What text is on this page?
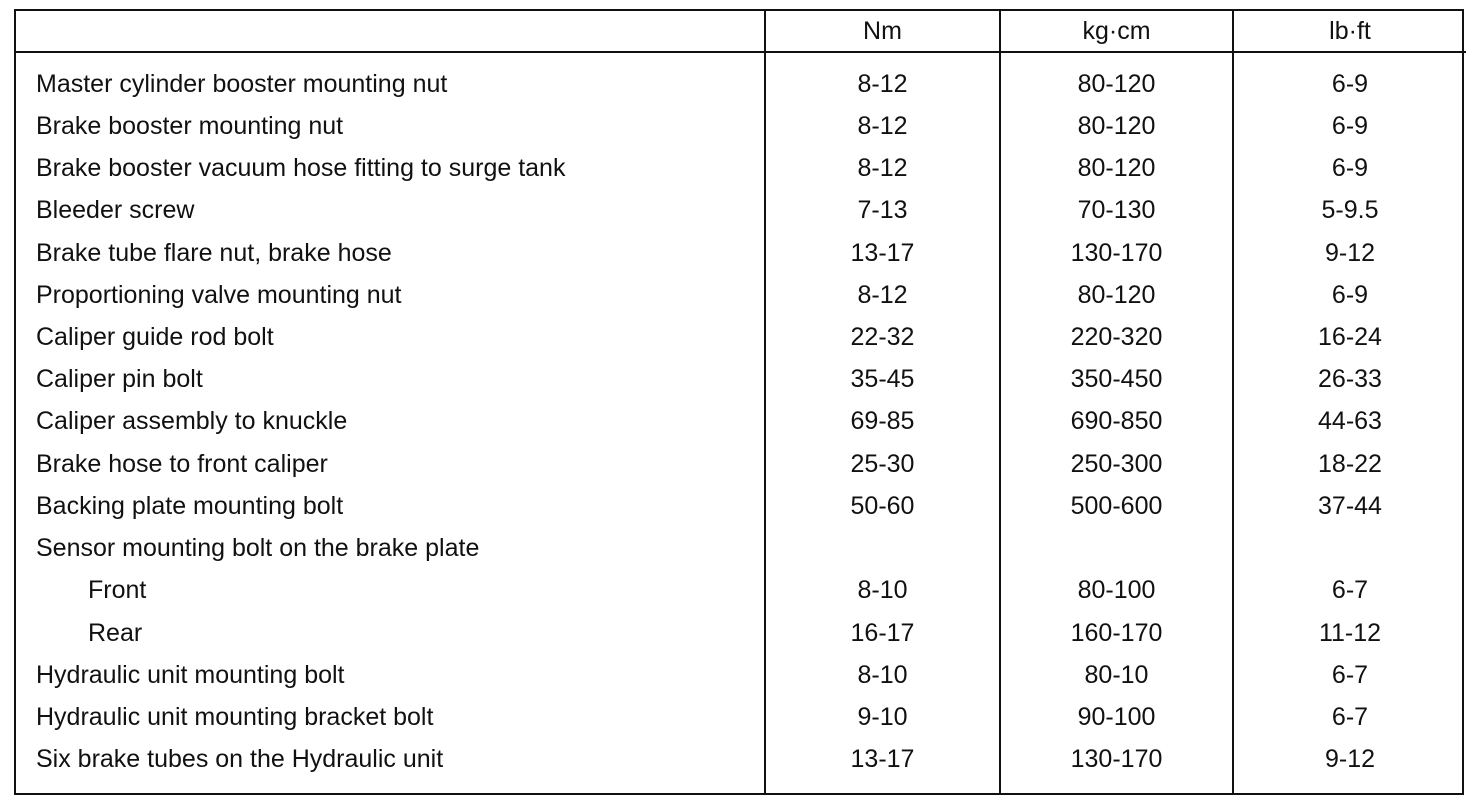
	Nm	kg·cm	lb·ft
Master cylinder booster mounting nut	8-12	80-120	6-9
Brake booster mounting nut	8-12	80-120	6-9
Brake booster vacuum hose fitting to surge tank	8-12	80-120	6-9
Bleeder screw	7-13	70-130	5-9.5
Brake tube flare nut, brake hose	13-17	130-170	9-12
Proportioning valve mounting nut	8-12	80-120	6-9
Caliper guide rod bolt	22-32	220-320	16-24
Caliper pin bolt	35-45	350-450	26-33
Caliper assembly to knuckle	69-85	690-850	44-63
Brake hose to front caliper	25-30	250-300	18-22
Backing plate mounting bolt	50-60	500-600	37-44
Sensor mounting bolt on the brake plate			
Front	8-10	80-100	6-7
Rear	16-17	160-170	11-12
Hydraulic unit mounting bolt	8-10	80-10	6-7
Hydraulic unit mounting bracket bolt	9-10	90-100	6-7
Six brake tubes on the Hydraulic unit	13-17	130-170	9-12
